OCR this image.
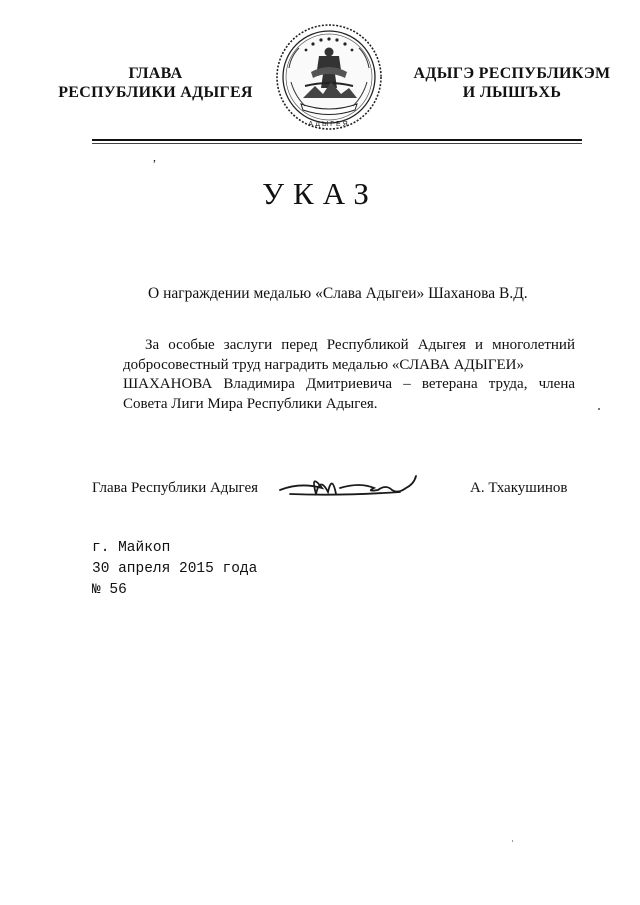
ГЛАВА
РЕСПУБЛИКИ АДЫГЕЯ
АДЫГЕЯ
АДЫГЭ РЕСПУБЛИКЭМ
И ЛЫШЪХЬ
,
УКАЗ
О награждении медалью «Слава Адыгеи» Шаханова В.Д.

За особые заслуги перед Республикой Адыгея и многолетний добросовестный труд наградить медалью «СЛАВА АДЫГЕИ»

ШАХАНОВА Владимира Дмитриевича – ветерана труда, члена Совета Лиги Мира Республики Адыгея.

Глава Республики Адыгея	А. Тхакушинов
г. Майкоп
30 апреля 2015 года
№ 56
